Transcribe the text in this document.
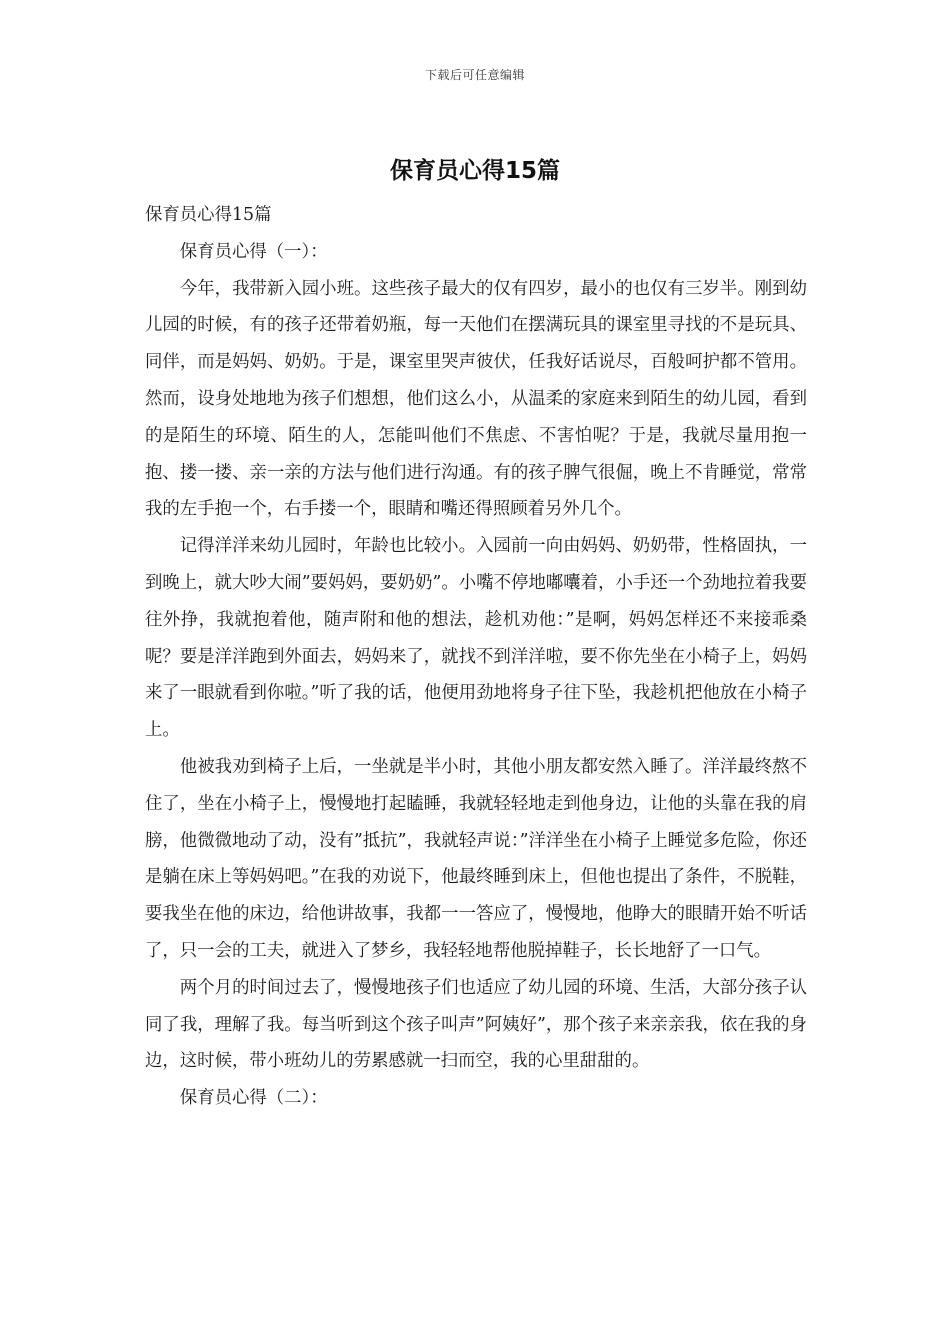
下载后可任意编辑
保育员心得15篇

保育员心得15篇

保育员心得（一）：

今年，我带新入园小班。这些孩子最大的仅有四岁，最小的也仅有三岁半。刚到幼儿园的时候，有的孩子还带着奶瓶，每一天他们在摆满玩具的课室里寻找的不是玩具、同伴，而是妈妈、奶奶。于是，课室里哭声彼伏，任我好话说尽，百般呵护都不管用。然而，设身处地地为孩子们想想，他们这么小，从温柔的家庭来到陌生的幼儿园，看到的是陌生的环境、陌生的人，怎能叫他们不焦虑、不害怕呢？于是，我就尽量用抱一抱、搂一搂、亲一亲的方法与他们进行沟通。有的孩子脾气很倔，晚上不肯睡觉，常常我的左手抱一个，右手搂一个，眼睛和嘴还得照顾着另外几个。

记得洋洋来幼儿园时，年龄也比较小。入园前一向由妈妈、奶奶带，性格固执，一到晚上，就大吵大闹”要妈妈，要奶奶”。小嘴不停地嘟囔着，小手还一个劲地拉着我要往外挣，我就抱着他，随声附和他的想法，趁机劝他：”是啊，妈妈怎样还不来接乖桑呢？要是洋洋跑到外面去，妈妈来了，就找不到洋洋啦，要不你先坐在小椅子上，妈妈来了一眼就看到你啦。”听了我的话，他便用劲地将身子往下坠，我趁机把他放在小椅子上。

他被我劝到椅子上后，一坐就是半小时，其他小朋友都安然入睡了。洋洋最终熬不住了，坐在小椅子上，慢慢地打起瞌睡，我就轻轻地走到他身边，让他的头靠在我的肩膀，他微微地动了动，没有”抵抗”，我就轻声说：”洋洋坐在小椅子上睡觉多危险，你还是躺在床上等妈妈吧。”在我的劝说下，他最终睡到床上，但他也提出了条件，不脱鞋，要我坐在他的床边，给他讲故事，我都一一答应了，慢慢地，他睁大的眼睛开始不听话了，只一会的工夫，就进入了梦乡，我轻轻地帮他脱掉鞋子，长长地舒了一口气。

两个月的时间过去了，慢慢地孩子们也适应了幼儿园的环境、生活，大部分孩子认同了我，理解了我。每当听到这个孩子叫声”阿姨好”，那个孩子来亲亲我，依在我的身边，这时候，带小班幼儿的劳累感就一扫而空，我的心里甜甜的。

保育员心得（二）：
